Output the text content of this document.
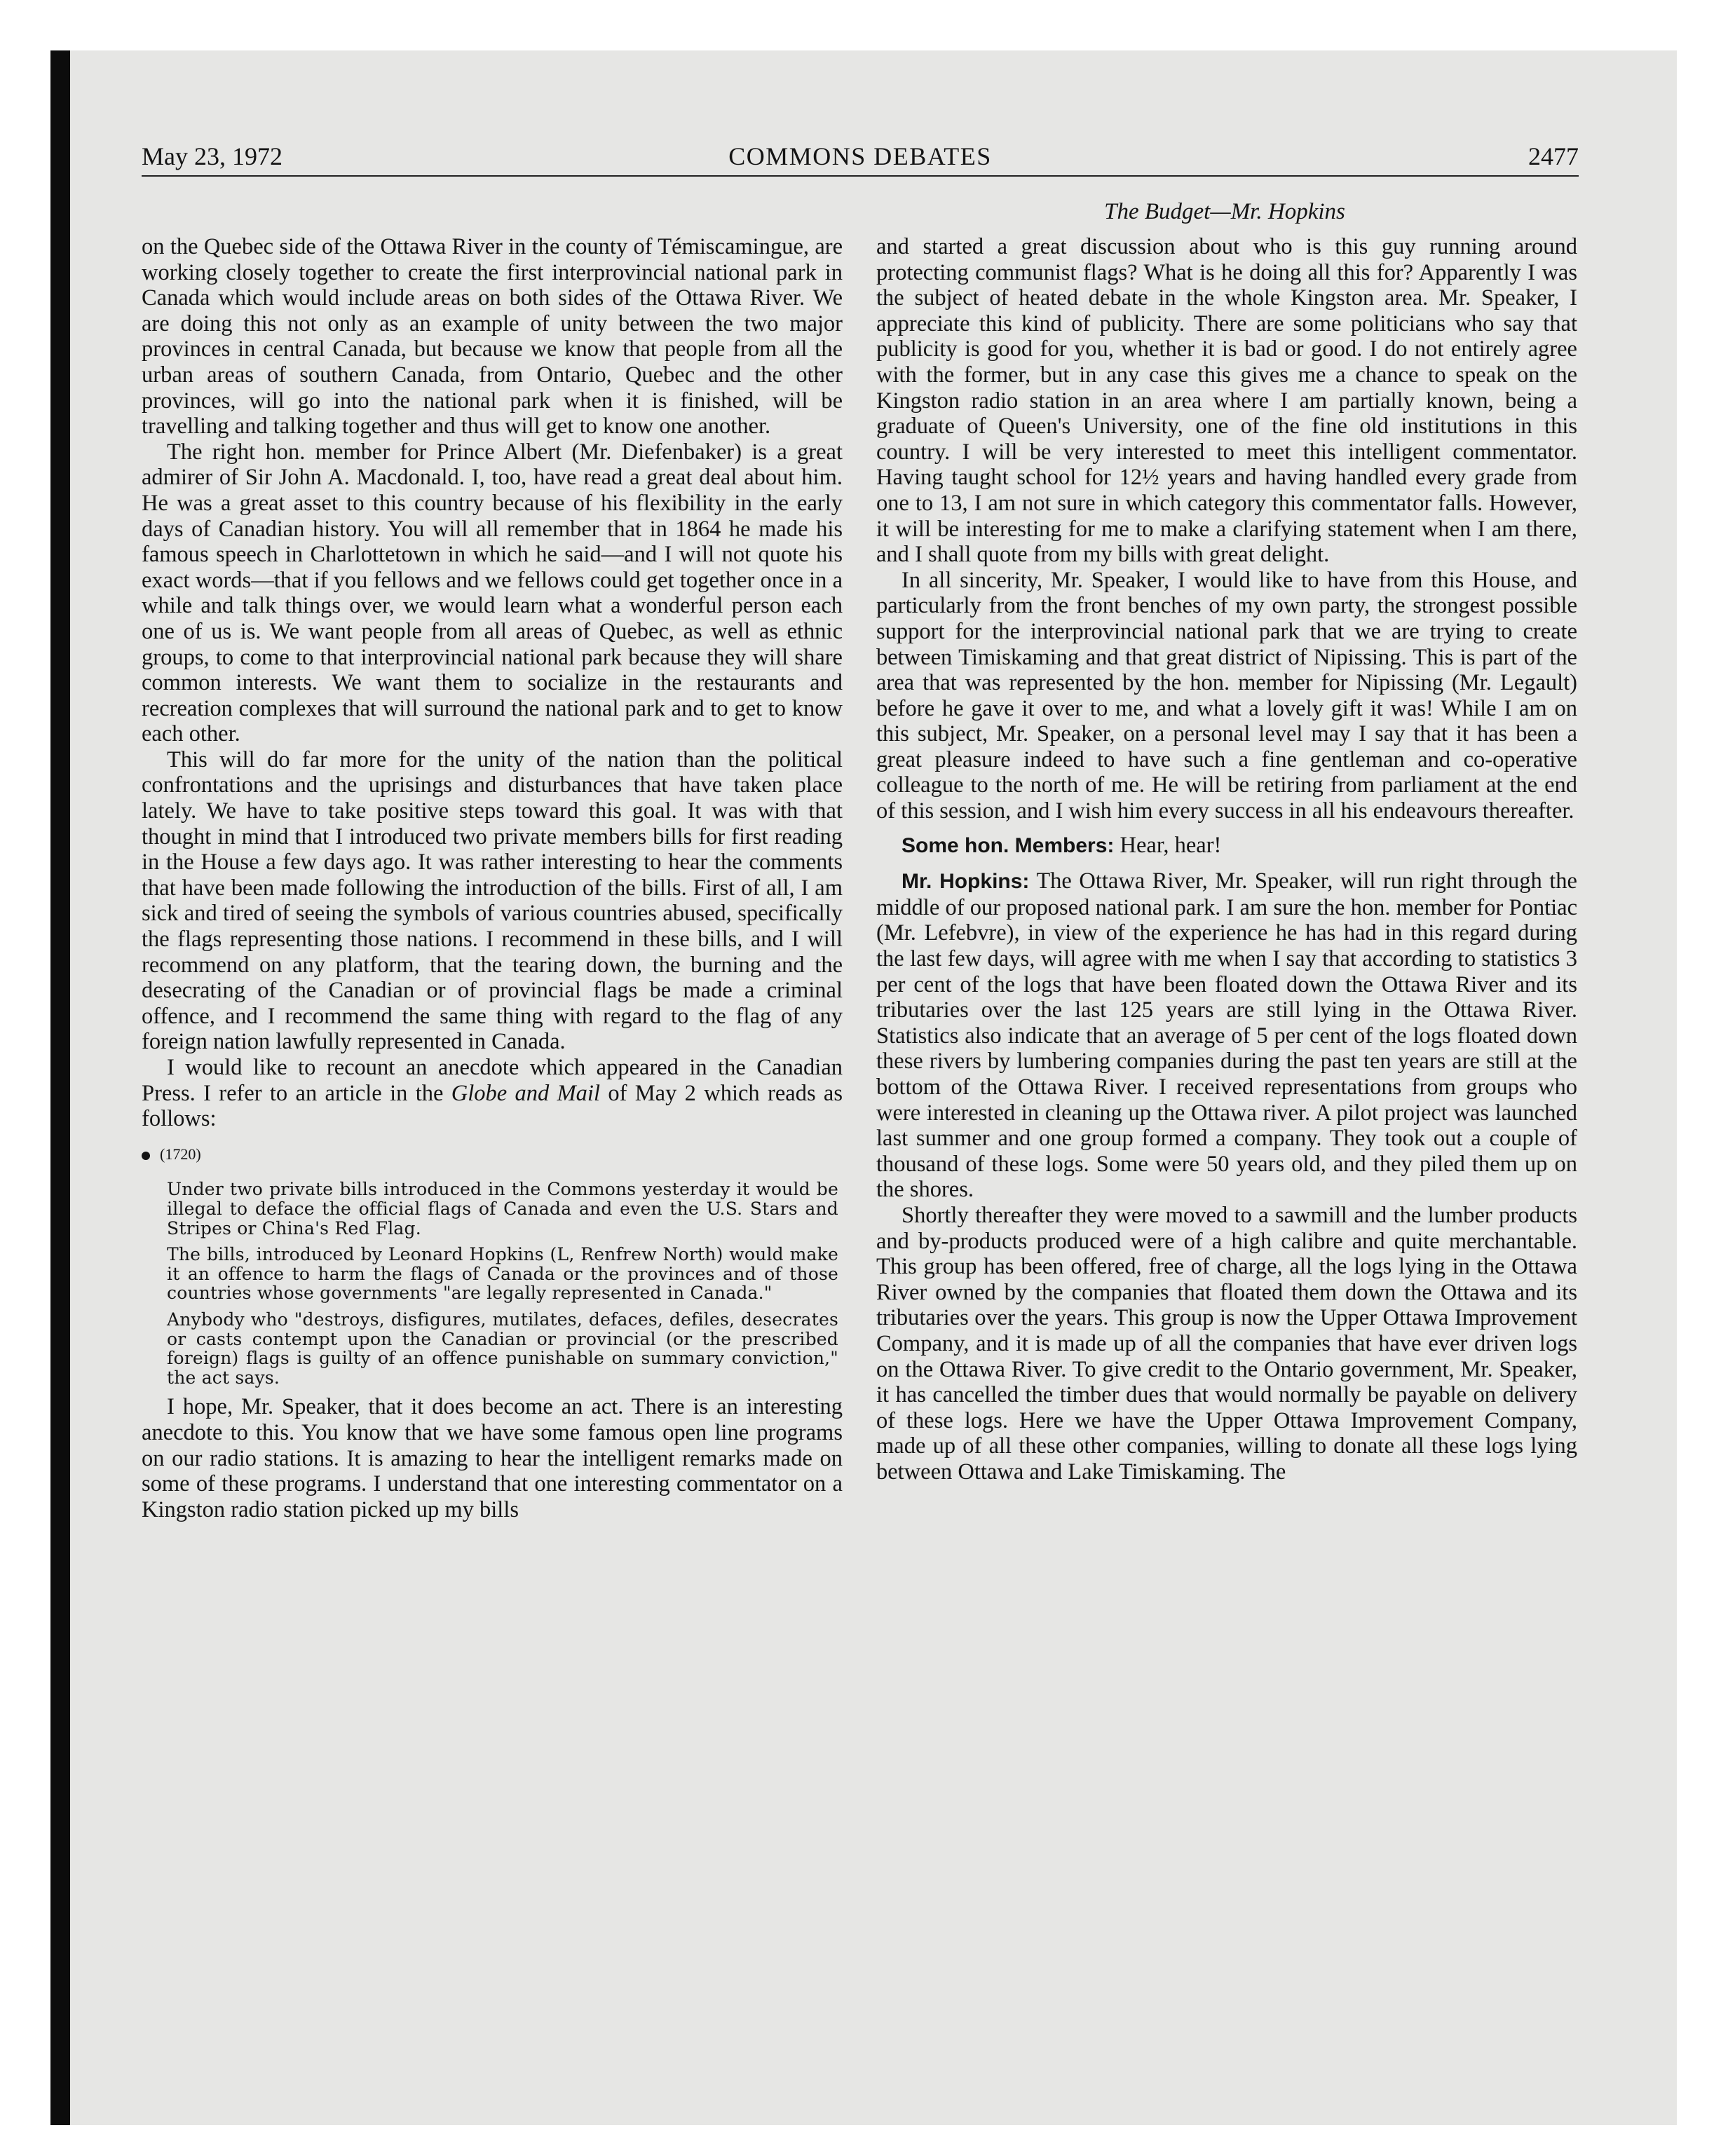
May 23, 1972	COMMONS DEBATES	2477
The Budget—Mr. Hopkins

on the Quebec side of the Ottawa River in the county of Témiscamingue, are working closely together to create the first interprovincial national park in Canada which would include areas on both sides of the Ottawa River. We are doing this not only as an example of unity between the two major provinces in central Canada, but because we know that people from all the urban areas of southern Canada, from Ontario, Quebec and the other provinces, will go into the national park when it is finished, will be travelling and talking together and thus will get to know one another.

The right hon. member for Prince Albert (Mr. Diefenbaker) is a great admirer of Sir John A. Macdonald. I, too, have read a great deal about him. He was a great asset to this country because of his flexibility in the early days of Canadian history. You will all remember that in 1864 he made his famous speech in Charlottetown in which he said—and I will not quote his exact words—that if you fellows and we fellows could get together once in a while and talk things over, we would learn what a wonderful person each one of us is. We want people from all areas of Quebec, as well as ethnic groups, to come to that interprovincial national park because they will share common interests. We want them to socialize in the restaurants and recreation complexes that will surround the national park and to get to know each other.

This will do far more for the unity of the nation than the political confrontations and the uprisings and disturbances that have taken place lately. We have to take positive steps toward this goal. It was with that thought in mind that I introduced two private members bills for first reading in the House a few days ago. It was rather interesting to hear the comments that have been made following the introduction of the bills. First of all, I am sick and tired of seeing the symbols of various countries abused, specifically the flags representing those nations. I recommend in these bills, and I will recommend on any platform, that the tearing down, the burning and the desecrating of the Canadian or of provincial flags be made a criminal offence, and I recommend the same thing with regard to the flag of any foreign nation lawfully represented in Canada.

I would like to recount an anecdote which appeared in the Canadian Press. I refer to an article in the Globe and Mail of May 2 which reads as follows:

(1720)

Under two private bills introduced in the Commons yesterday it would be illegal to deface the official flags of Canada and even the U.S. Stars and Stripes or China's Red Flag.

The bills, introduced by Leonard Hopkins (L, Renfrew North) would make it an offence to harm the flags of Canada or the provinces and of those countries whose governments "are legally represented in Canada."

Anybody who "destroys, disfigures, mutilates, defaces, defiles, desecrates or casts contempt upon the Canadian or provincial (or the prescribed foreign) flags is guilty of an offence punishable on summary conviction," the act says.

I hope, Mr. Speaker, that it does become an act. There is an interesting anecdote to this. You know that we have some famous open line programs on our radio stations. It is amazing to hear the intelligent remarks made on some of these programs. I understand that one interesting commentator on a Kingston radio station picked up my bills

and started a great discussion about who is this guy running around protecting communist flags? What is he doing all this for? Apparently I was the subject of heated debate in the whole Kingston area. Mr. Speaker, I appreciate this kind of publicity. There are some politicians who say that publicity is good for you, whether it is bad or good. I do not entirely agree with the former, but in any case this gives me a chance to speak on the Kingston radio station in an area where I am partially known, being a graduate of Queen's University, one of the fine old institutions in this country. I will be very interested to meet this intelligent commentator. Having taught school for 12½ years and having handled every grade from one to 13, I am not sure in which category this commentator falls. However, it will be interesting for me to make a clarifying statement when I am there, and I shall quote from my bills with great delight.

In all sincerity, Mr. Speaker, I would like to have from this House, and particularly from the front benches of my own party, the strongest possible support for the interprovincial national park that we are trying to create between Timiskaming and that great district of Nipissing. This is part of the area that was represented by the hon. member for Nipissing (Mr. Legault) before he gave it over to me, and what a lovely gift it was! While I am on this subject, Mr. Speaker, on a personal level may I say that it has been a great pleasure indeed to have such a fine gentleman and co-operative colleague to the north of me. He will be retiring from parliament at the end of this session, and I wish him every success in all his endeavours thereafter.

Some hon. Members: Hear, hear!

Mr. Hopkins: The Ottawa River, Mr. Speaker, will run right through the middle of our proposed national park. I am sure the hon. member for Pontiac (Mr. Lefebvre), in view of the experience he has had in this regard during the last few days, will agree with me when I say that according to statistics 3 per cent of the logs that have been floated down the Ottawa River and its tributaries over the last 125 years are still lying in the Ottawa River. Statistics also indicate that an average of 5 per cent of the logs floated down these rivers by lumbering companies during the past ten years are still at the bottom of the Ottawa River. I received representations from groups who were interested in cleaning up the Ottawa river. A pilot project was launched last summer and one group formed a company. They took out a couple of thousand of these logs. Some were 50 years old, and they piled them up on the shores.

Shortly thereafter they were moved to a sawmill and the lumber products and by-products produced were of a high calibre and quite merchantable. This group has been offered, free of charge, all the logs lying in the Ottawa River owned by the companies that floated them down the Ottawa and its tributaries over the years. This group is now the Upper Ottawa Improvement Company, and it is made up of all the companies that have ever driven logs on the Ottawa River. To give credit to the Ontario government, Mr. Speaker, it has cancelled the timber dues that would normally be payable on delivery of these logs. Here we have the Upper Ottawa Improvement Company, made up of all these other companies, willing to donate all these logs lying between Ottawa and Lake Timiskaming. The
